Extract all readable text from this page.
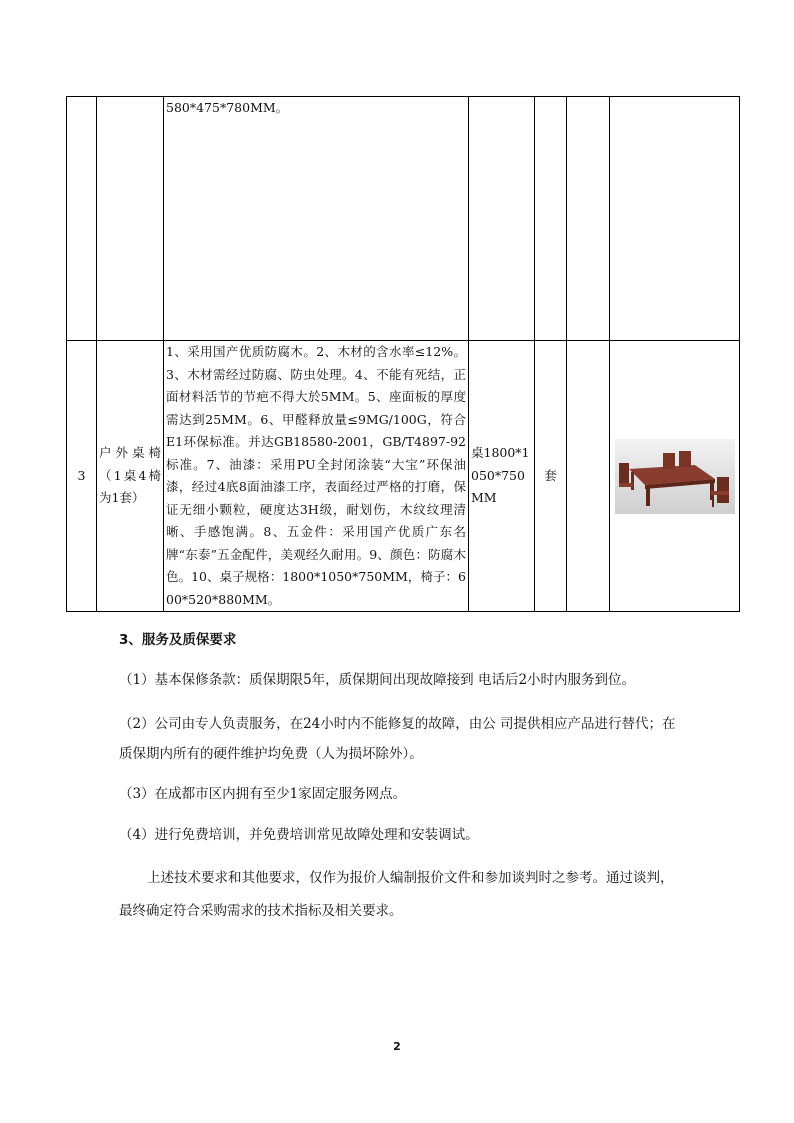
		580*475*780MM。				
3	户外桌椅（1桌4椅为1套）	1、采用国产优质防腐木。2、木材的含水率≤12%。3、木材需经过防腐、防虫处理。4、不能有死结，正面材料活节的节疤不得大於5MM。5、座面板的厚度需达到25MM。6、甲醛释放量≤9MG/100G，符合E1环保标准。并达GB18580-2001，GB/T4897-92标准。7、油漆：采用PU全封闭涂装“大宝”环保油漆，经过4底8面油漆工序，表面经过严格的打磨，保证无细小颗粒，硬度达3H级，耐划伤，木纹纹理清晰、手感饱满。8、五金件：采用国产优质广东名牌“东泰”五金配件，美观经久耐用。9、颜色：防腐木色。10、桌子规格：1800*1050*750MM，椅子：600*520*880MM。	桌1800*1050*750MM	套		
3、服务及质保要求
（1）基本保修条款：质保期限5年，质保期间出现故障接到 电话后2小时内服务到位。
（2）公司由专人负责服务，在24小时内不能修复的故障，由公 司提供相应产品进行替代；在质保期内所有的硬件维护均免费（人为损坏除外）。
（3）在成都市区内拥有至少1家固定服务网点。
（4）进行免费培训，并免费培训常见故障处理和安装调试。
上述技术要求和其他要求，仅作为报价人编制报价文件和参加谈判时之参考。通过谈判，最终确定符合采购需求的技术指标及相关要求。
2
